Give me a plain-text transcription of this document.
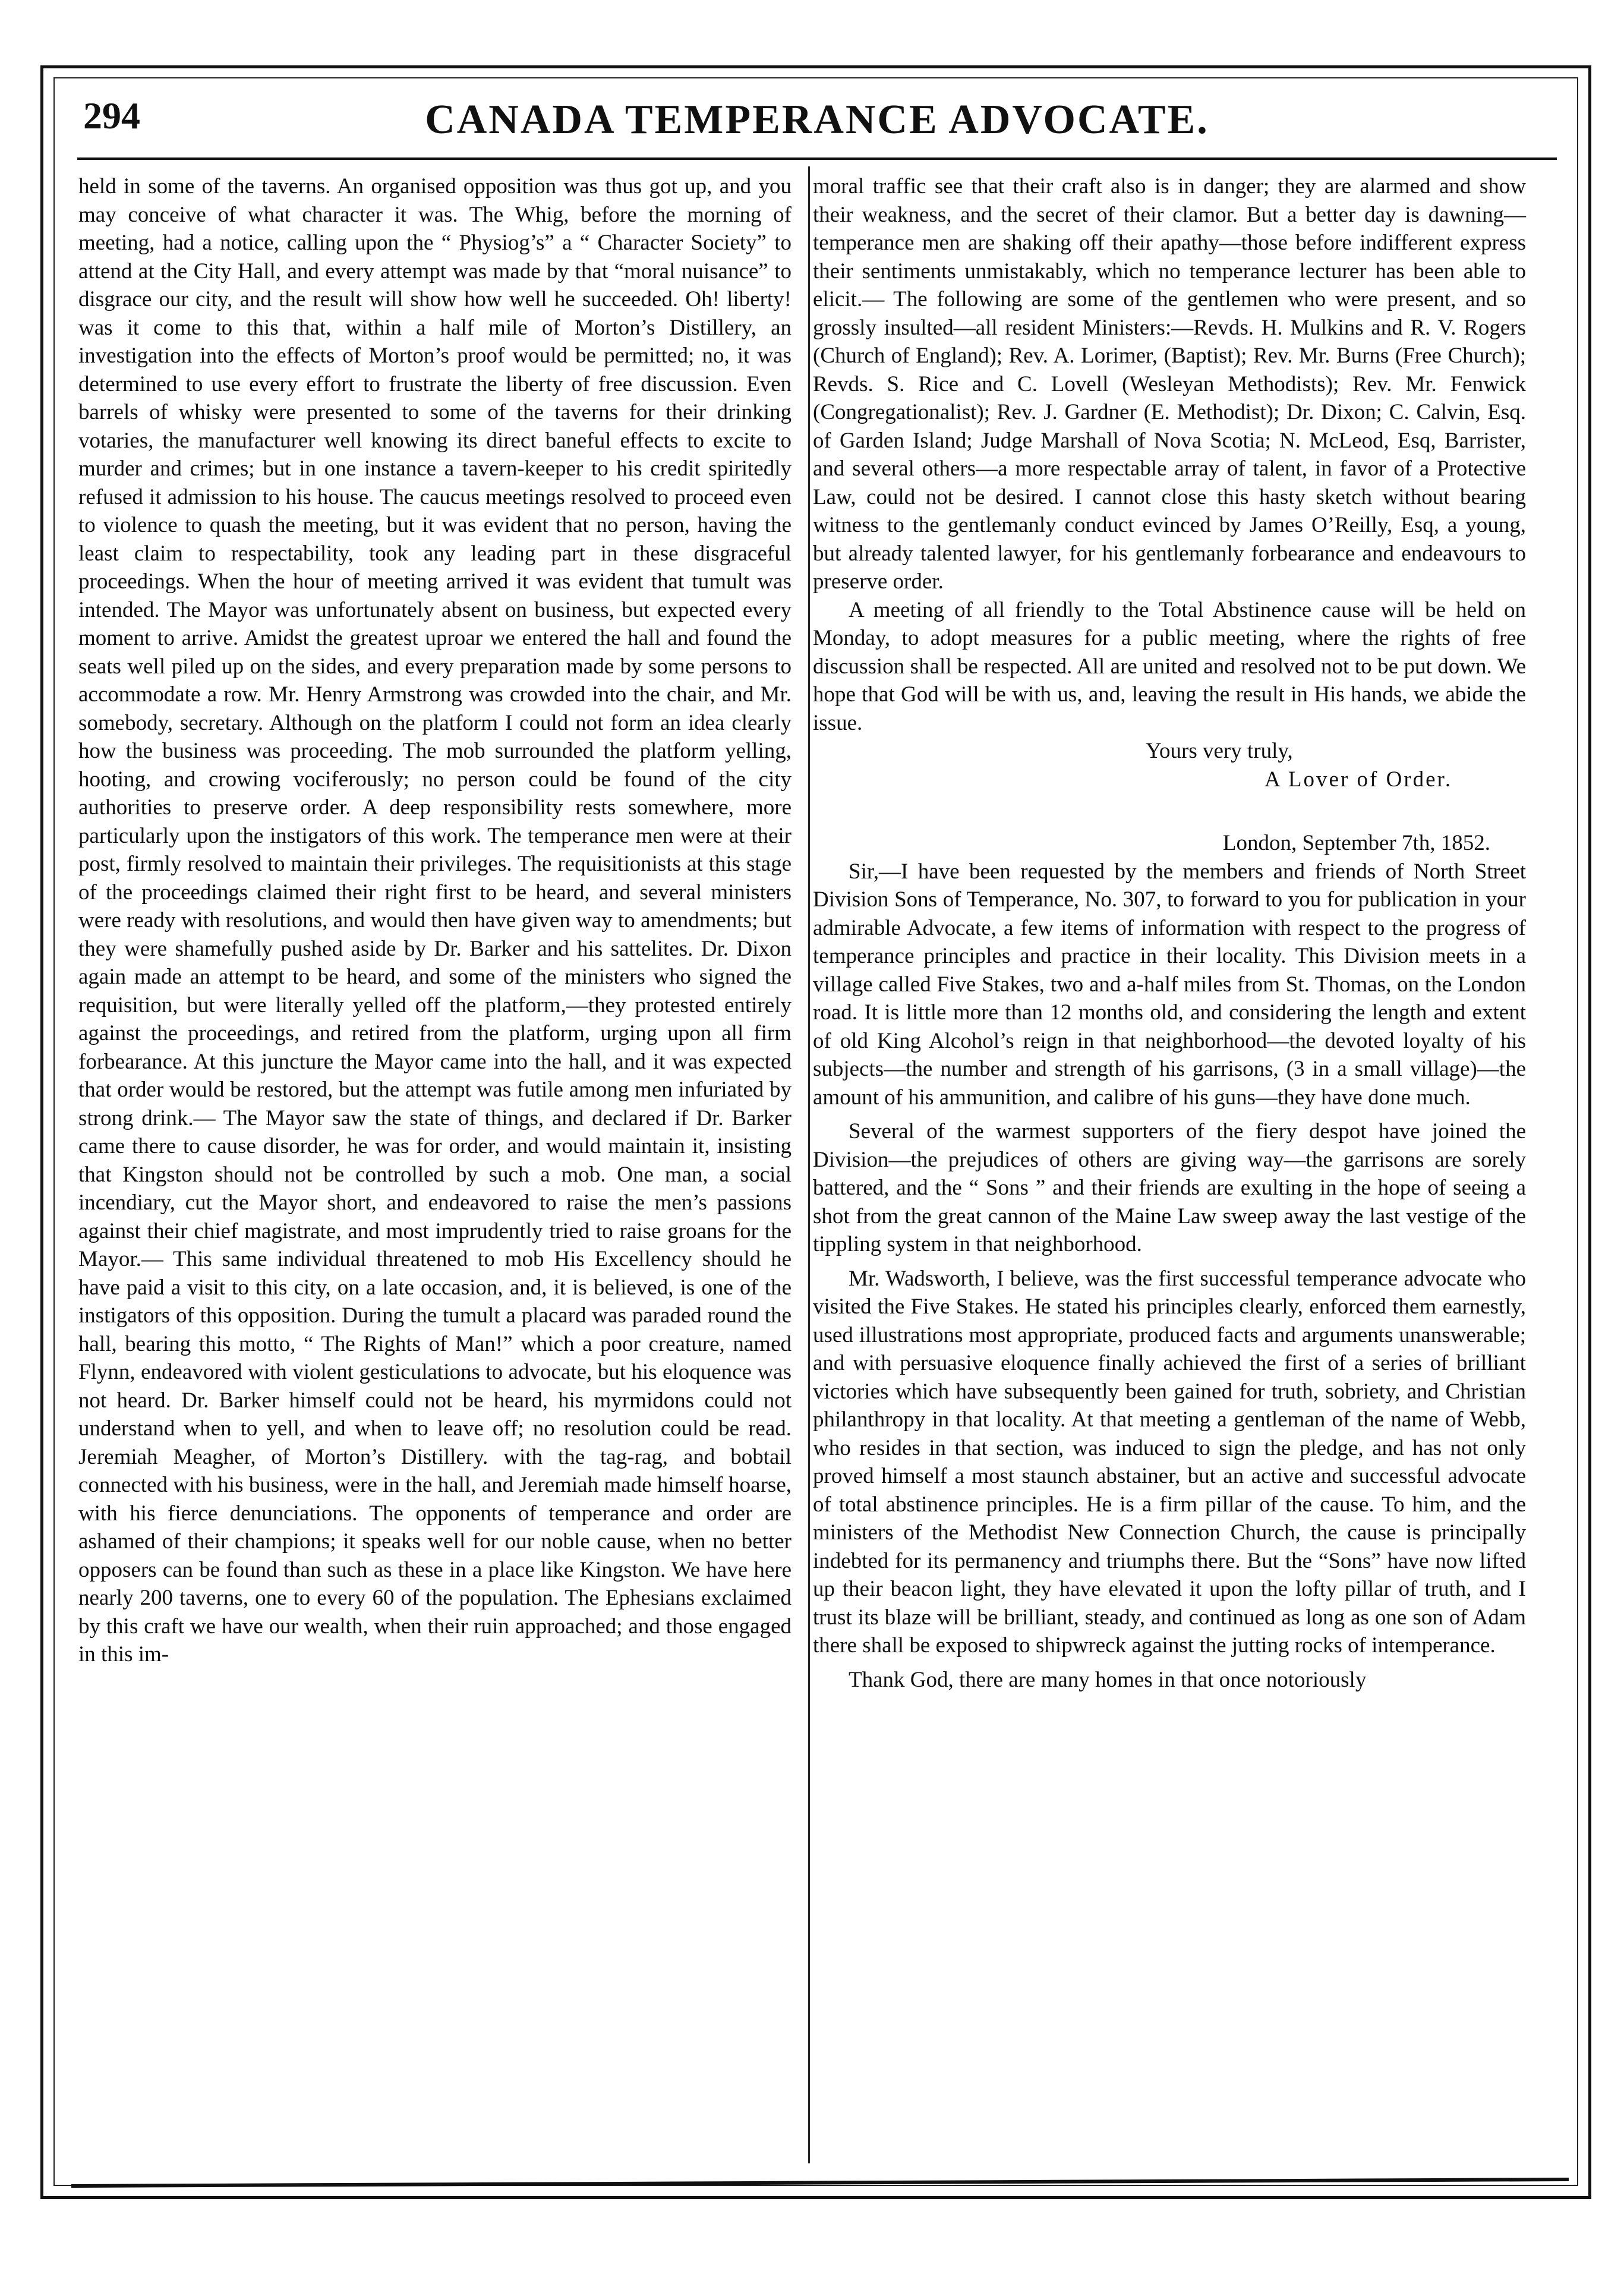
294	CANADA TEMPERANCE ADVOCATE.

held in some of the taverns. An organised opposition was thus got up, and you may conceive of what character it was. The Whig, before the morning of meeting, had a notice, calling upon the “ Physiog’s” a “ Character Society” to attend at the City Hall, and every attempt was made by that “moral nuisance” to disgrace our city, and the result will show how well he succeeded. Oh! liberty! was it come to this that, within a half mile of Morton’s Distillery, an investigation into the effects of Morton’s proof would be permitted; no, it was determined to use every effort to frustrate the liberty of free discussion. Even barrels of whisky were presented to some of the taverns for their drinking votaries, the manufacturer well knowing its direct baneful effects to excite to murder and crimes; but in one instance a tavern-keeper to his credit spiritedly refused it admission to his house. The caucus meetings resolved to proceed even to violence to quash the meeting, but it was evident that no person, having the least claim to respectability, took any leading part in these disgraceful proceedings. When the hour of meeting arrived it was evident that tumult was intended. The Mayor was unfortunately absent on business, but expected every moment to arrive. Amidst the greatest uproar we entered the hall and found the seats well piled up on the sides, and every preparation made by some persons to accommodate a row. Mr. Henry Armstrong was crowded into the chair, and Mr. somebody, secretary. Although on the platform I could not form an idea clearly how the business was proceeding. The mob surrounded the platform yelling, hooting, and crowing vociferously; no person could be found of the city authorities to preserve order. A deep responsibility rests somewhere, more particularly upon the instigators of this work. The temperance men were at their post, firmly resolved to maintain their privileges. The requisitionists at this stage of the proceedings claimed their right first to be heard, and several ministers were ready with resolutions, and would then have given way to amendments; but they were shamefully pushed aside by Dr. Barker and his sattelites. Dr. Dixon again made an attempt to be heard, and some of the ministers who signed the requisition, but were literally yelled off the platform,—they protested entirely against the proceedings, and retired from the platform, urging upon all firm forbearance. At this juncture the Mayor came into the hall, and it was expected that order would be restored, but the attempt was futile among men infuriated by strong drink.— The Mayor saw the state of things, and declared if Dr. Barker came there to cause disorder, he was for order, and would maintain it, insisting that Kingston should not be controlled by such a mob. One man, a social incendiary, cut the Mayor short, and endeavored to raise the men’s passions against their chief magistrate, and most imprudently tried to raise groans for the Mayor.— This same individual threatened to mob His Excellency should he have paid a visit to this city, on a late occasion, and, it is believed, is one of the instigators of this opposition. During the tumult a placard was paraded round the hall, bearing this motto, “ The Rights of Man!” which a poor creature, named Flynn, endeavored with violent gesticulations to advocate, but his eloquence was not heard. Dr. Barker himself could not be heard, his myrmidons could not understand when to yell, and when to leave off; no resolution could be read. Jeremiah Meagher, of Morton’s Distillery. with the tag-rag, and bobtail connected with his business, were in the hall, and Jeremiah made himself hoarse, with his fierce denunciations. The opponents of temperance and order are ashamed of their champions; it speaks well for our noble cause, when no better opposers can be found than such as these in a place like Kingston. We have here nearly 200 taverns, one to every 60 of the population. The Ephesians exclaimed by this craft we have our wealth, when their ruin approached; and those engaged in this im-

moral traffic see that their craft also is in danger; they are alarmed and show their weakness, and the secret of their clamor. But a better day is dawning—temperance men are shaking off their apathy—those before indifferent express their sentiments unmistakably, which no temperance lecturer has been able to elicit.— The following are some of the gentlemen who were present, and so grossly insulted—all resident Ministers:—Revds. H. Mulkins and R. V. Rogers (Church of England); Rev. A. Lorimer, (Baptist); Rev. Mr. Burns (Free Church); Revds. S. Rice and C. Lovell (Wesleyan Methodists); Rev. Mr. Fenwick (Congregationalist); Rev. J. Gardner (E. Methodist); Dr. Dixon; C. Calvin, Esq. of Garden Island; Judge Marshall of Nova Scotia; N. McLeod, Esq, Barrister, and several others—a more respectable array of talent, in favor of a Protective Law, could not be desired. I cannot close this hasty sketch without bearing witness to the gentlemanly conduct evinced by James O’Reilly, Esq, a young, but already talented lawyer, for his gentlemanly forbearance and endeavours to preserve order.

A meeting of all friendly to the Total Abstinence cause will be held on Monday, to adopt measures for a public meeting, where the rights of free discussion shall be respected. All are united and resolved not to be put down. We hope that God will be with us, and, leaving the result in His hands, we abide the issue.

Yours very truly,

A Lover of Order.

London, September 7th, 1852.

Sir,—I have been requested by the members and friends of North Street Division Sons of Temperance, No. 307, to forward to you for publication in your admirable Advocate, a few items of information with respect to the progress of temperance principles and practice in their locality. This Division meets in a village called Five Stakes, two and a-half miles from St. Thomas, on the London road. It is little more than 12 months old, and considering the length and extent of old King Alcohol’s reign in that neighborhood—the devoted loyalty of his subjects—the number and strength of his garrisons, (3 in a small village)—the amount of his ammunition, and calibre of his guns—they have done much.

Several of the warmest supporters of the fiery despot have joined the Division—the prejudices of others are giving way—the garrisons are sorely battered, and the “ Sons ” and their friends are exulting in the hope of seeing a shot from the great cannon of the Maine Law sweep away the last vestige of the tippling system in that neighborhood.

Mr. Wadsworth, I believe, was the first successful temperance advocate who visited the Five Stakes. He stated his principles clearly, enforced them earnestly, used illustrations most appropriate, produced facts and arguments unanswerable; and with persuasive eloquence finally achieved the first of a series of brilliant victories which have subsequently been gained for truth, sobriety, and Christian philanthropy in that locality. At that meeting a gentleman of the name of Webb, who resides in that section, was induced to sign the pledge, and has not only proved himself a most staunch abstainer, but an active and successful advocate of total abstinence principles. He is a firm pillar of the cause. To him, and the ministers of the Methodist New Connection Church, the cause is principally indebted for its permanency and triumphs there. But the “Sons” have now lifted up their beacon light, they have elevated it upon the lofty pillar of truth, and I trust its blaze will be brilliant, steady, and continued as long as one son of Adam there shall be exposed to shipwreck against the jutting rocks of intemperance.

Thank God, there are many homes in that once notoriously
